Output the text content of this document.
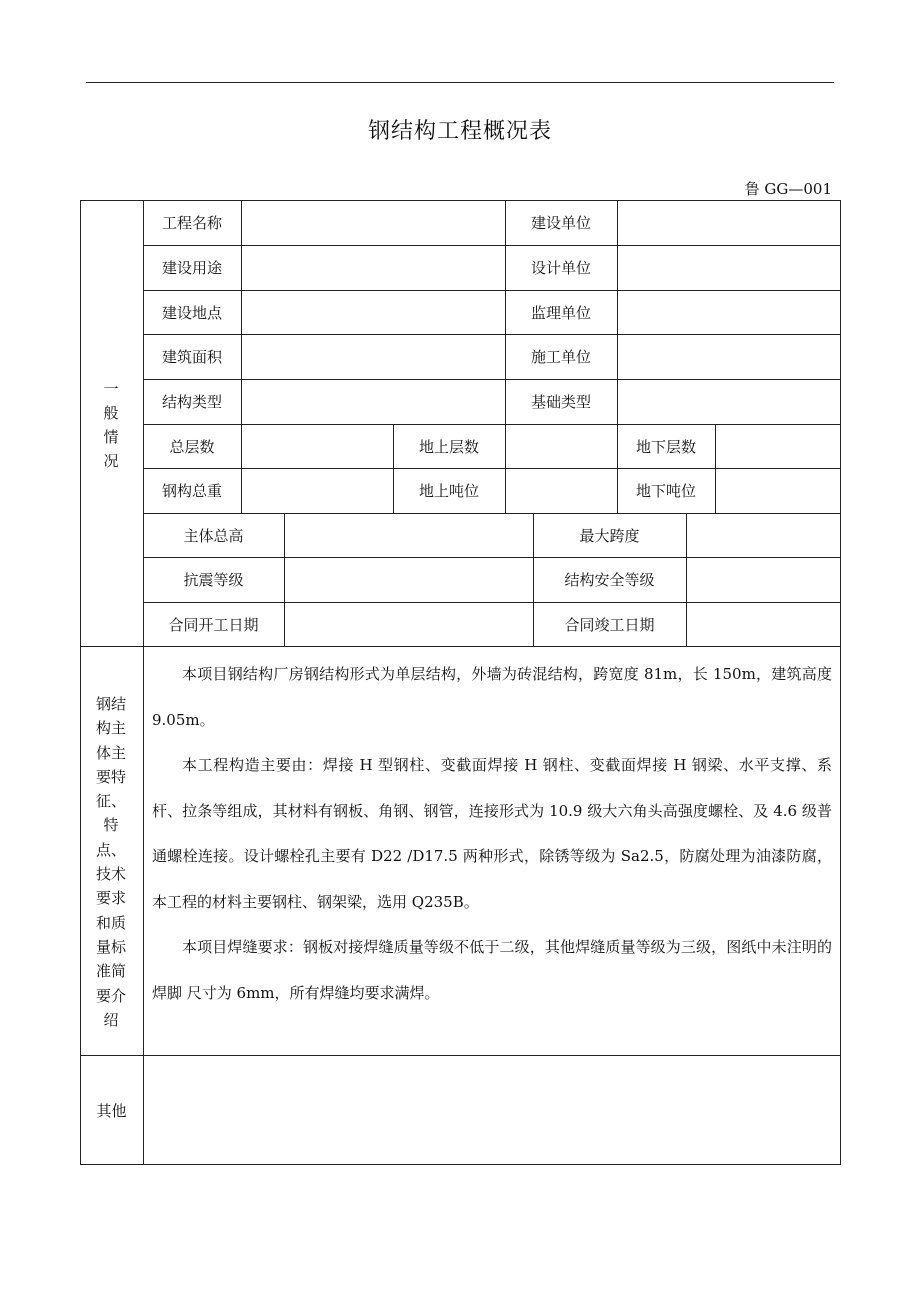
钢结构工程概况表
鲁 GG—001
一般情况
工程名称	建设单位
建设用途	设计单位
建设地点	监理单位
建筑面积	施工单位
结构类型	基础类型
总层数	地上层数	地下层数
钢构总重	地上吨位	地下吨位
主体总高	最大跨度
抗震等级	结构安全等级
合同开工日期	合同竣工日期
钢结构主体主要特征、特点、技术要求和质量标准简要介绍

本项目钢结构厂房钢结构形式为单层结构，外墙为砖混结构，跨宽度 81m，长 150m，建筑高度 9.05m。

本工程构造主要由：焊接 H 型钢柱、变截面焊接 H 钢柱、变截面焊接 H 钢梁、水平支撑、系杆、拉条等组成，其材料有钢板、角钢、钢管，连接形式为 10.9 级大六角头高强度螺栓、及 4.6 级普通螺栓连接。设计螺栓孔主要有 D22 /D17.5 两种形式，除锈等级为 Sa2.5，防腐处理为油漆防腐，本工程的材料主要钢柱、钢架梁，选用 Q235B。

本项目焊缝要求：钢板对接焊缝质量等级不低于二级，其他焊缝质量等级为三级，图纸中未注明的 焊脚 尺寸为 6mm，所有焊缝均要求满焊。

其他
